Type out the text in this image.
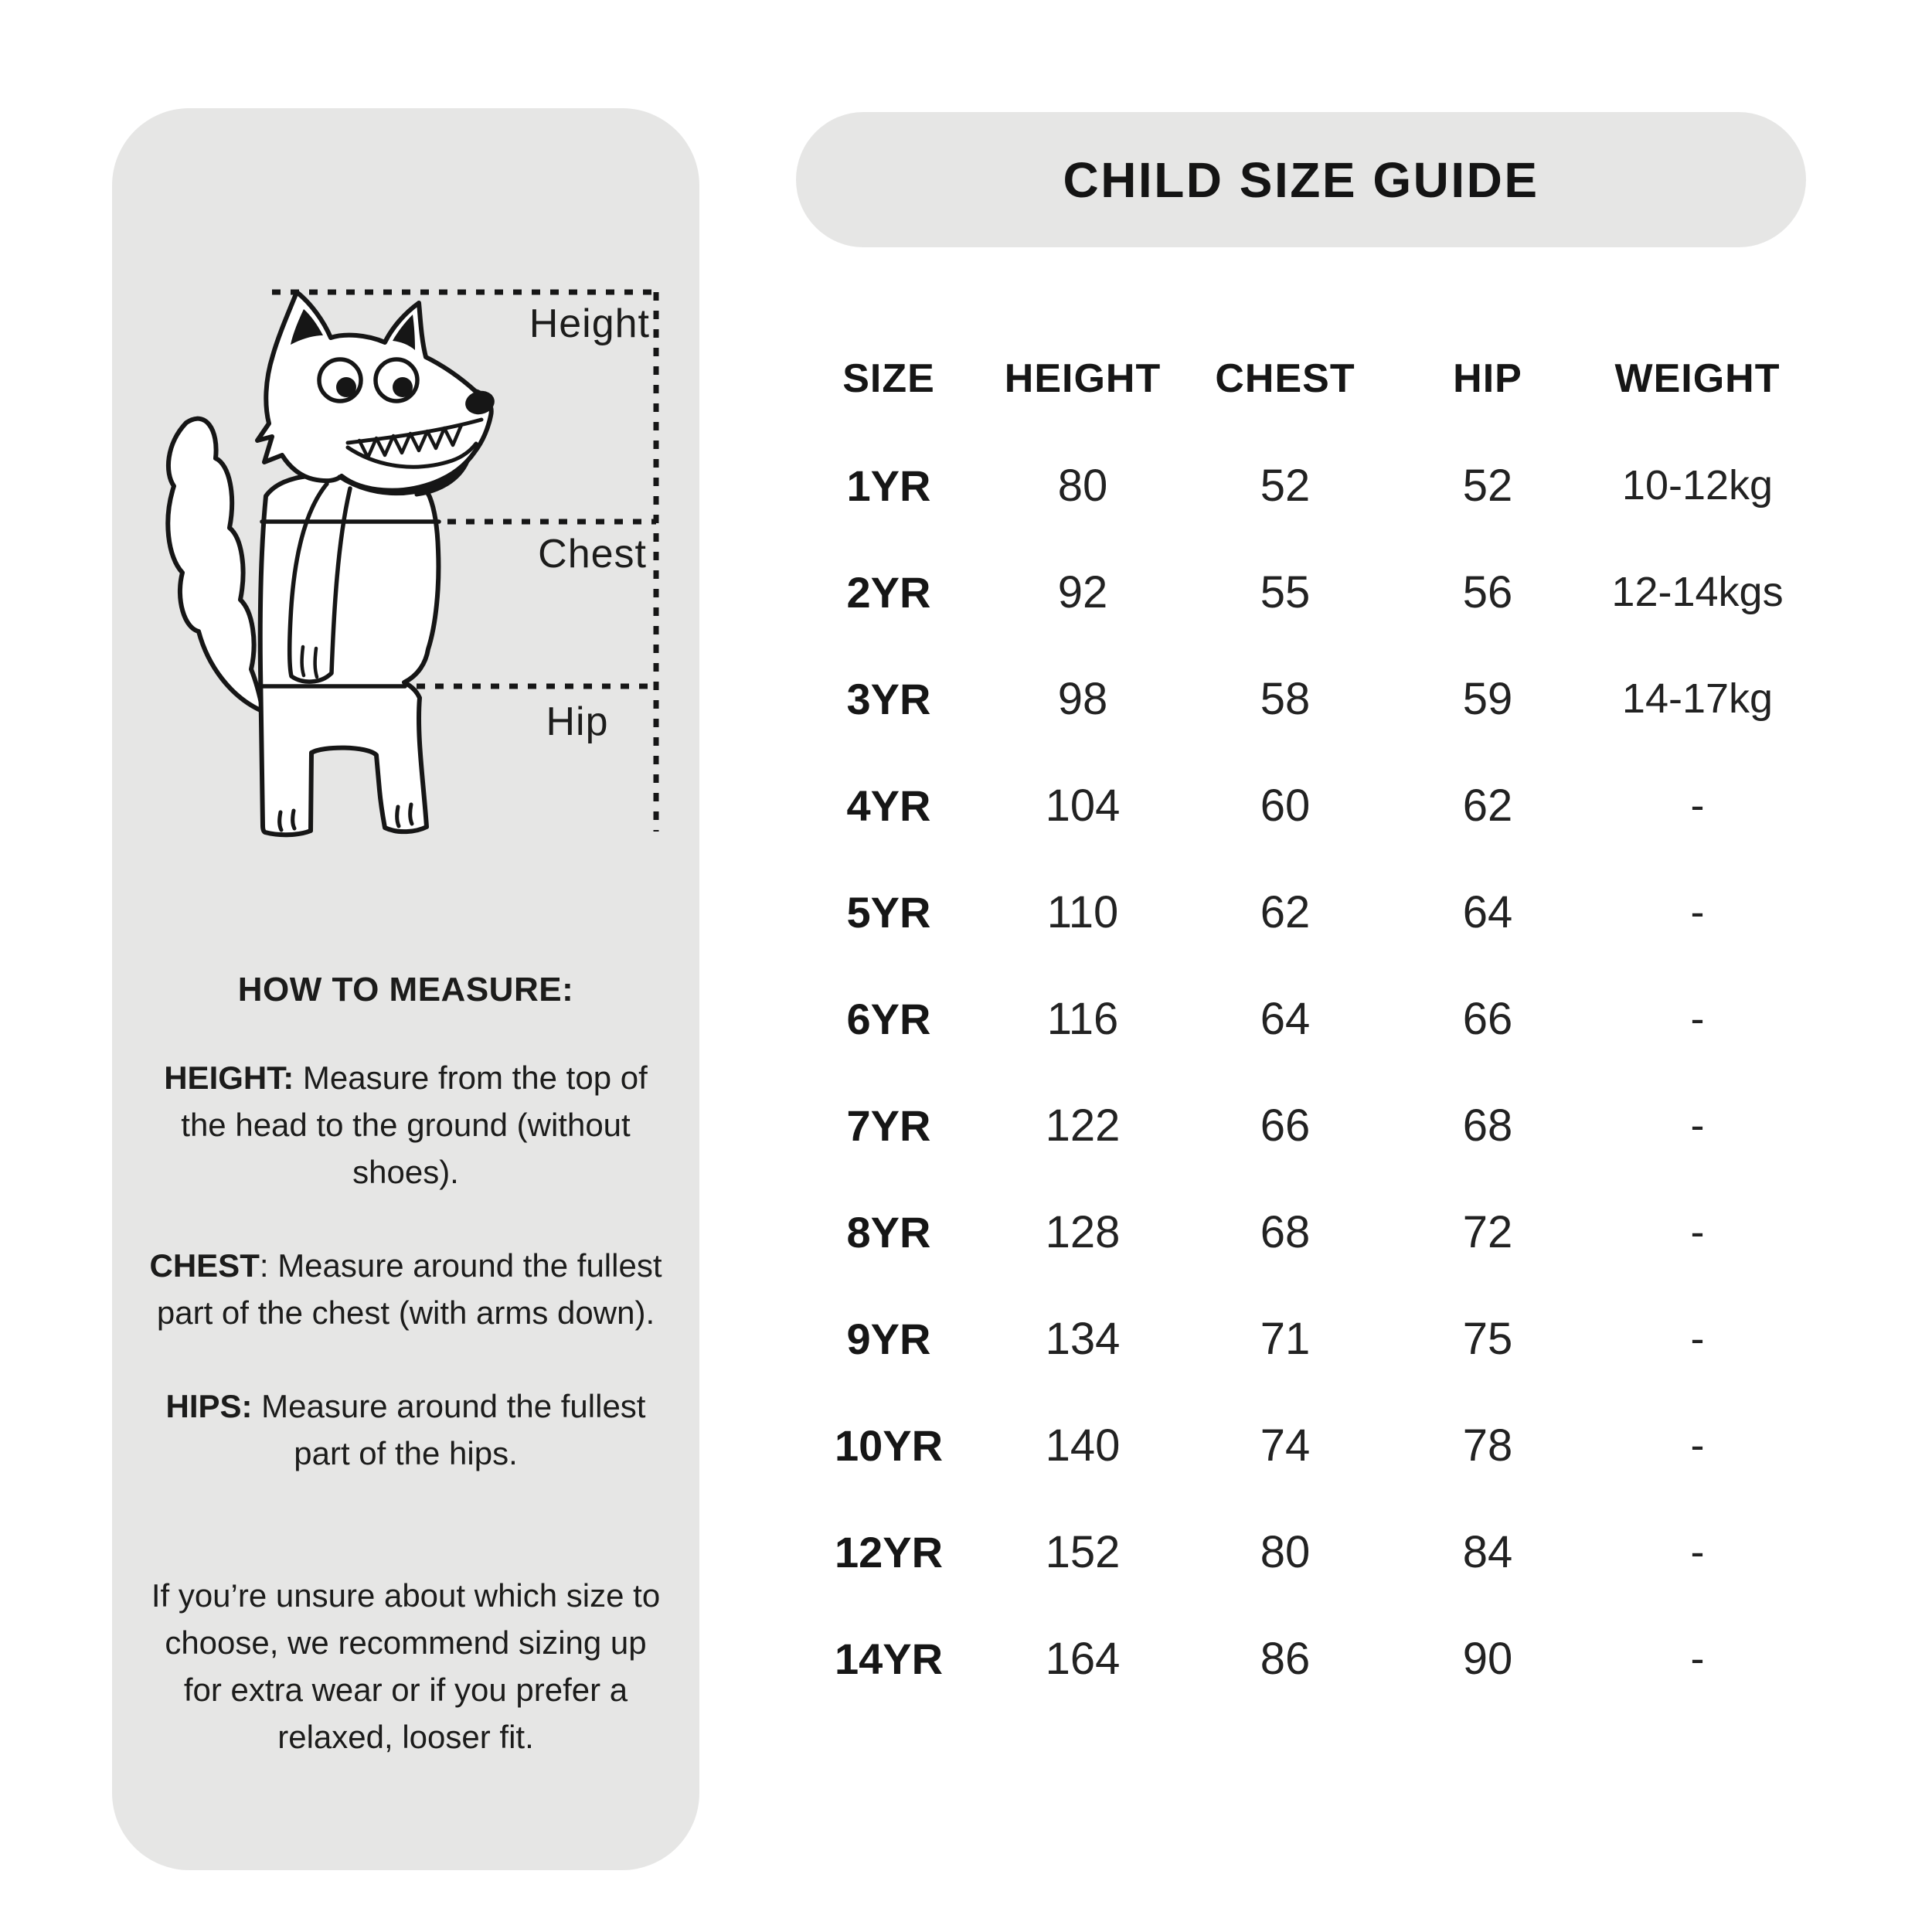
Height
Chest
Hip
HOW TO MEASURE:

HEIGHT: Measure from the top of the head to the ground (without shoes).

CHEST: Measure around the fullest part of the chest (with arms down).

HIPS: Measure around the fullest part of the hips.

If you’re unsure about which size to choose, we recommend sizing up for extra wear or if you prefer a relaxed, looser fit.

CHILD SIZE GUIDE
SIZE	HEIGHT	CHEST	HIP	WEIGHT
1YR	80	52	52	10-12kg
2YR	92	55	56	12-14kgs
3YR	98	58	59	14-17kg
4YR	104	60	62	-
5YR	110	62	64	-
6YR	116	64	66	-
7YR	122	66	68	-
8YR	128	68	72	-
9YR	134	71	75	-
10YR	140	74	78	-
12YR	152	80	84	-
14YR	164	86	90	-
